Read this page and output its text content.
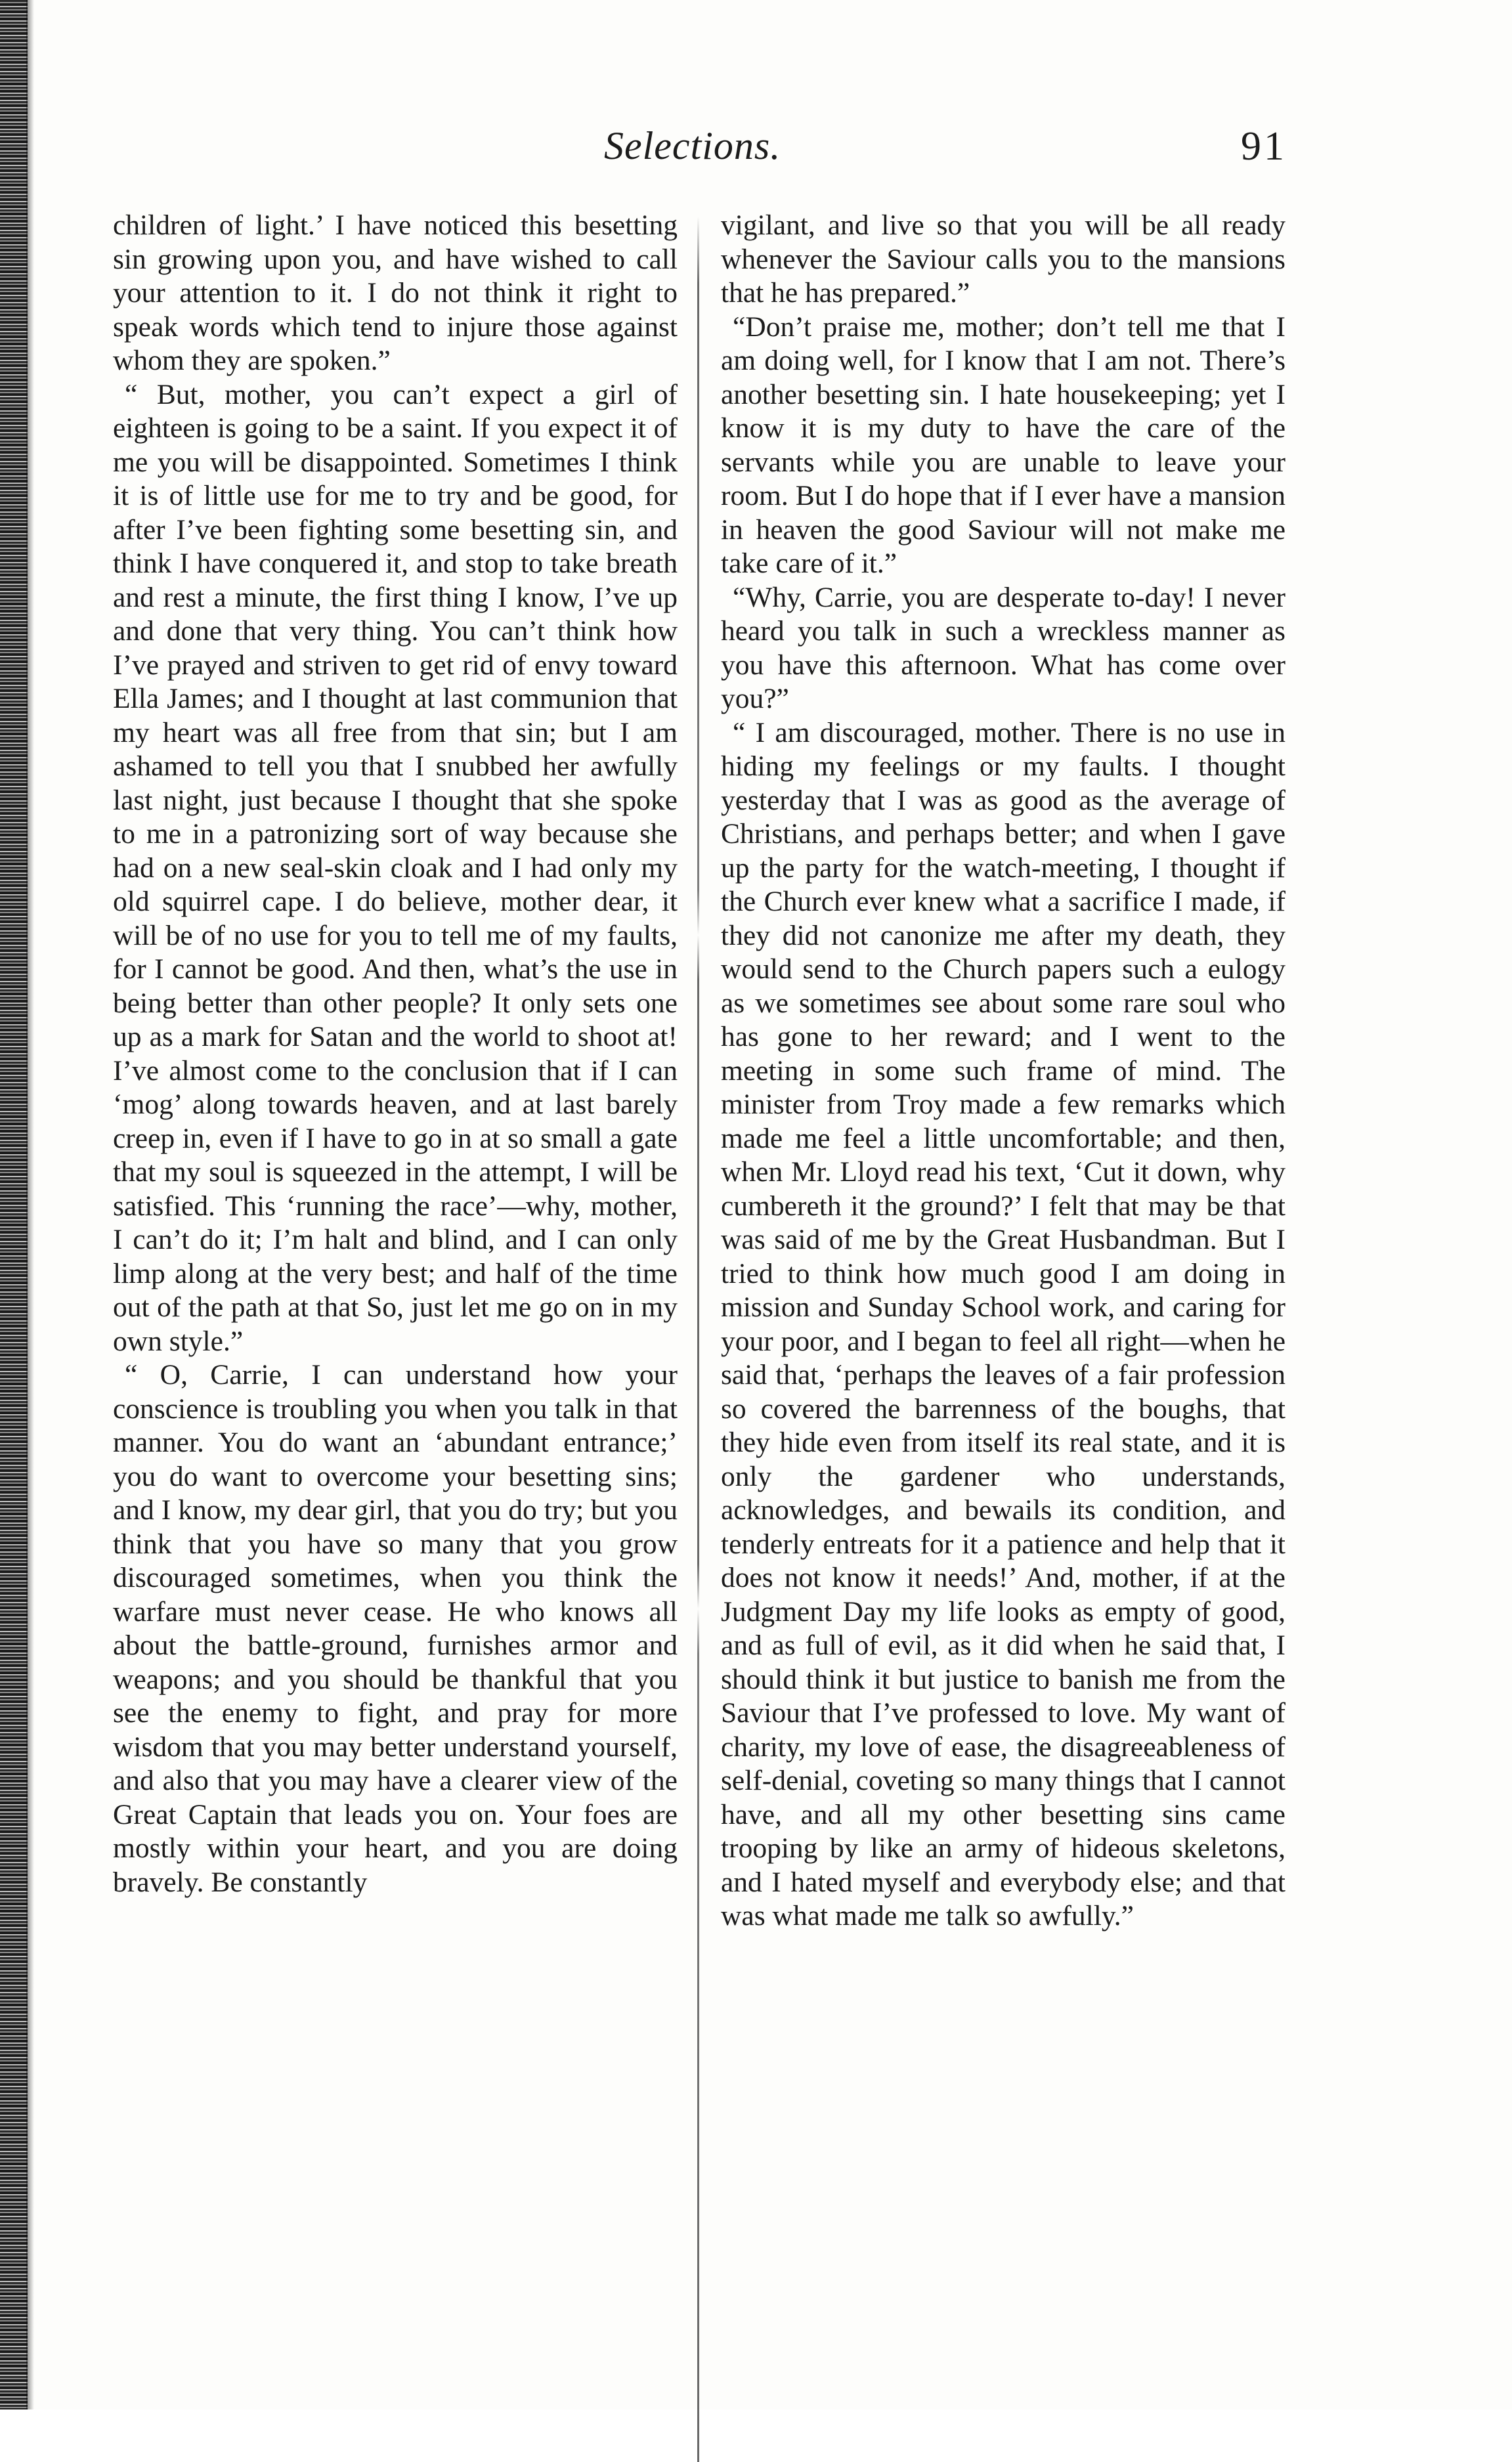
Selections.	91

children of light.’ I have noticed this besetting sin growing upon you, and have wished to call your attention to it. I do not think it right to speak words which tend to injure those against whom they are spoken.”

“ But, mother, you can’t expect a girl of eighteen is going to be a saint. If you expect it of me you will be disappointed. Sometimes I think it is of little use for me to try and be good, for after I’ve been fighting some besetting sin, and think I have conquered it, and stop to take breath and rest a minute, the first thing I know, I’ve up and done that very thing. You can’t think how I’ve prayed and striven to get rid of envy toward Ella James; and I thought at last communion that my heart was all free from that sin; but I am ashamed to tell you that I snubbed her awfully last night, just because I thought that she spoke to me in a patronizing sort of way because she had on a new seal-skin cloak and I had only my old squirrel cape. I do believe, mother dear, it will be of no use for you to tell me of my faults, for I cannot be good. And then, what’s the use in being better than other people? It only sets one up as a mark for Satan and the world to shoot at! I’ve almost come to the conclusion that if I can ‘mog’ along towards heaven, and at last barely creep in, even if I have to go in at so small a gate that my soul is squeezed in the attempt, I will be satisfied. This ‘running the race’—why, mother, I can’t do it; I’m halt and blind, and I can only limp along at the very best; and half of the time out of the path at that So, just let me go on in my own style.”

“ O, Carrie, I can understand how your conscience is troubling you when you talk in that manner. You do want an ‘abundant entrance;’ you do want to overcome your besetting sins; and I know, my dear girl, that you do try; but you think that you have so many that you grow discouraged sometimes, when you think the warfare must never cease. He who knows all about the battle-ground, furnishes armor and weapons; and you should be thankful that you see the enemy to fight, and pray for more wisdom that you may better understand yourself, and also that you may have a clearer view of the Great Captain that leads you on. Your foes are mostly within your heart, and you are doing bravely. Be constantly

vigilant, and live so that you will be all ready whenever the Saviour calls you to the mansions that he has prepared.”

“Don’t praise me, mother; don’t tell me that I am doing well, for I know that I am not. There’s another besetting sin. I hate housekeeping; yet I know it is my duty to have the care of the servants while you are unable to leave your room. But I do hope that if I ever have a mansion in heaven the good Saviour will not make me take care of it.”

“Why, Carrie, you are desperate to-day! I never heard you talk in such a wreckless manner as you have this afternoon. What has come over you?”

“ I am discouraged, mother. There is no use in hiding my feelings or my faults. I thought yesterday that I was as good as the average of Christians, and perhaps better; and when I gave up the party for the watch-meeting, I thought if the Church ever knew what a sacrifice I made, if they did not canonize me after my death, they would send to the Church papers such a eulogy as we sometimes see about some rare soul who has gone to her reward; and I went to the meeting in some such frame of mind. The minister from Troy made a few remarks which made me feel a little uncomfortable; and then, when Mr. Lloyd read his text, ‘Cut it down, why cumbereth it the ground?’ I felt that may be that was said of me by the Great Husbandman. But I tried to think how much good I am doing in mission and Sunday School work, and caring for your poor, and I began to feel all right—when he said that, ‘perhaps the leaves of a fair profession so covered the barrenness of the boughs, that they hide even from itself its real state, and it is only the gardener who understands, acknowledges, and bewails its condition, and tenderly entreats for it a patience and help that it does not know it needs!’ And, mother, if at the Judgment Day my life looks as empty of good, and as full of evil, as it did when he said that, I should think it but justice to banish me from the Saviour that I’ve professed to love. My want of charity, my love of ease, the disagreeableness of self-denial, coveting so many things that I cannot have, and all my other besetting sins came trooping by like an army of hideous skeletons, and I hated myself and everybody else; and that was what made me talk so awfully.”
